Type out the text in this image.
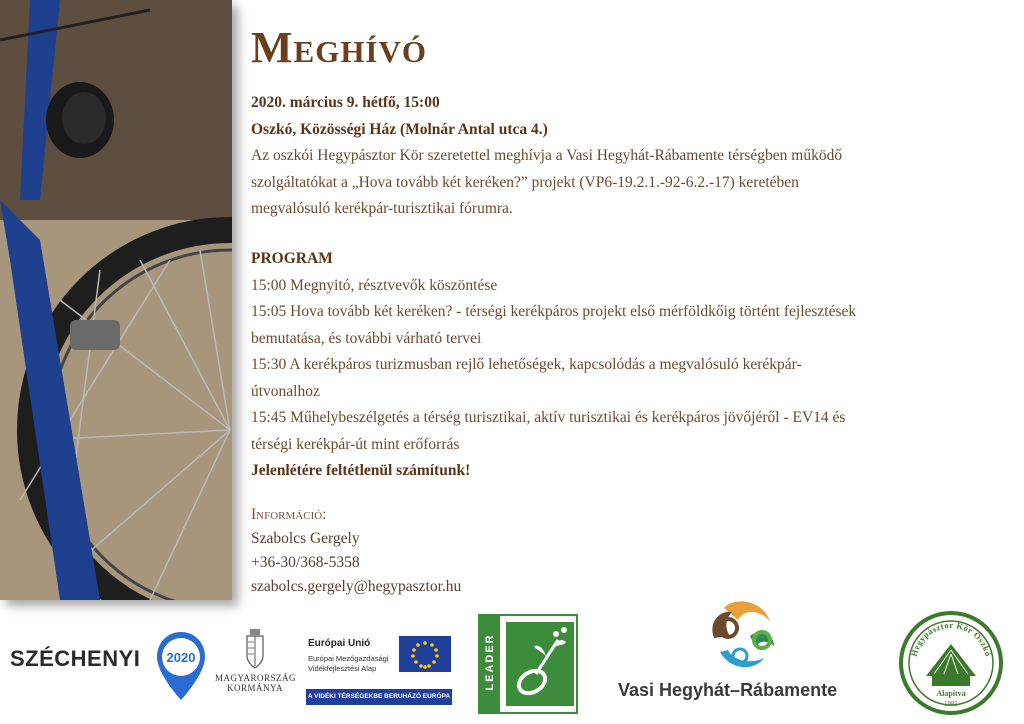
Meghívó
2020. március 9. hétfő, 15:00
Oszkó, Közösségi Ház (Molnár Antal utca 4.)
Az oszkói Hegypásztor Kör szeretettel meghívja a Vasi Hegyhát-Rábamente térségben működő
szolgáltatókat a „Hova tovább két keréken?” projekt (VP6-19.2.1.-92-6.2.-17) keretében
megvalósuló kerékpár-turisztikai fórumra.
PROGRAM
15:00 Megnyitó, résztvevők köszöntése
15:05 Hova tovább két keréken? - térségi kerékpáros projekt első mérföldkőig történt fejlesztések
bemutatása, és további várható tervei
15:30 A kerékpáros turizmusban rejlő lehetőségek, kapcsolódás a megvalósuló kerékpár-
útvonalhoz
15:45 Műhelybeszélgetés a térség turisztikai, aktív turisztikai és kerékpáros jövőjéről - EV14 és
térségi kerékpár-út mint erőforrás
Jelenlétére feltétlenül számítunk!
Információ:
Szabolcs Gergely
+36-30/368-5358
szabolcs.gergely@hegypasztor.hu
SZÉCHENYI 2020
MAGYARORSZÁG
KORMÁNYA
Európai Unió
Európai Mezőgazdasági
Vidékfejlesztési Alap
A VIDÉKI TÉRSÉGEKBE BERUHÁZÓ EURÓPA
LEADER	Vasi Hegyhát–Rábamente
Hegypásztor Kör Oszkó
Alapítva
1985
